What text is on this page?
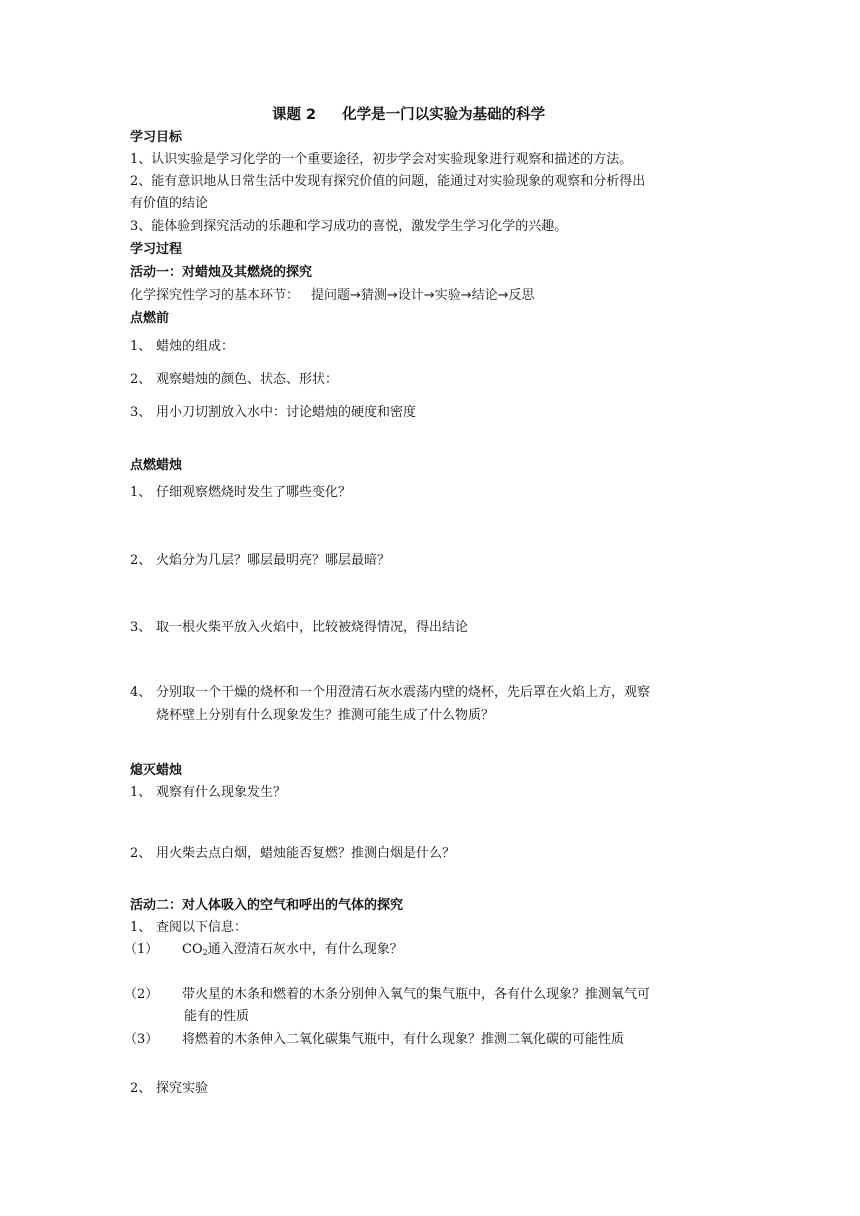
课题 2 化学是一门以实验为基础的科学
学习目标
1、认识实验是学习化学的一个重要途径，初步学会对实验现象进行观察和描述的方法。
2、能有意识地从日常生活中发现有探究价值的问题，能通过对实验现象的观察和分析得出
有价值的结论
3、能体验到探究活动的乐趣和学习成功的喜悦，激发学生学习化学的兴趣。
学习过程
活动一：对蜡烛及其燃烧的探究
化学探究性学习的基本环节： 提问题→猜测→设计→实验→结论→反思
点燃前
1、 蜡烛的组成：
2、 观察蜡烛的颜色、状态、形状：
3、 用小刀切割放入水中：讨论蜡烛的硬度和密度
点燃蜡烛
1、 仔细观察燃烧时发生了哪些变化？
2、 火焰分为几层？哪层最明亮？哪层最暗？
3、 取一根火柴平放入火焰中，比较被烧得情况，得出结论
4、 分别取一个干燥的烧杯和一个用澄清石灰水震荡内壁的烧杯，先后罩在火焰上方，观察
烧杯壁上分别有什么现象发生？推测可能生成了什么物质？
熄灭蜡烛
1、 观察有什么现象发生？
2、 用火柴去点白烟，蜡烛能否复燃？推测白烟是什么？
活动二：对人体吸入的空气和呼出的气体的探究
1、 查阅以下信息：
（1） $CO_2$通入澄清石灰水中，有什么现象？
（2） 带火星的木条和燃着的木条分别伸入氧气的集气瓶中，各有什么现象？推测氧气可
能有的性质
（3） 将燃着的木条伸入二氧化碳集气瓶中，有什么现象？推测二氧化碳的可能性质
2、 探究实验
